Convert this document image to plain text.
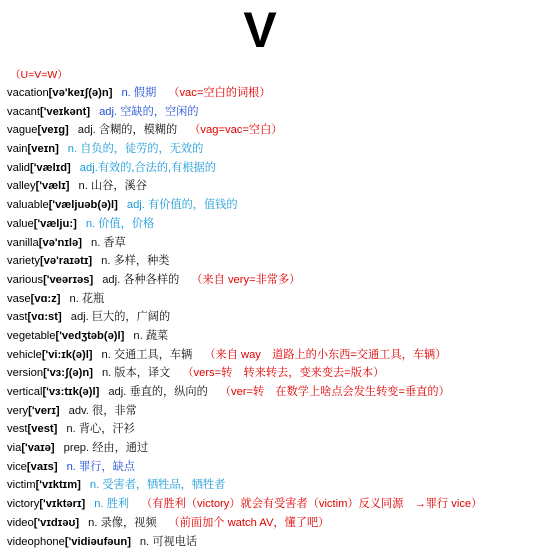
V
（U=V=W）
vacation[və'keɪʃ(ə)n] n. 假期 （vac=空白的词根）
vacant['veɪkənt] adj. 空缺的，空闲的
vague[veɪg] adj. 含糊的，模糊的 （vag=vac=空白）
vain[veɪn] n. 自负的，徒劳的，无效的
valid['vælɪd] adj.有效的,合法的,有根据的
valley['vælɪ] n. 山谷，溪谷
valuable['væljuəb(ə)l] adj. 有价值的，值钱的
value['vælju:] n. 价值，价格
vanilla[və'nɪlə] n. 香草
variety[və'raɪətɪ] n. 多样，种类
various['veərɪəs] adj. 各种各样的 （来自 very=非常多）
vase[vɑ:z] n. 花瓶
vast[vɑ:st] adj. 巨大的，广阔的
vegetable['vedʒtəb(ə)l] n. 蔬菜
vehicle['vi:ɪk(ə)l] n. 交通工具，车辆 （来自 way　道路上的小东西=交通工具，车辆）
version['vɜ:ʃ(ə)n] n. 版本，译文 （vers=转　转来转去，变来变去=版本）
vertical['vɜ:tɪk(ə)l] adj. 垂直的，纵向的 （ver=转　在数学上啥点会发生转变=垂直的）
very['verɪ] adv. 很，非常
vest[vest] n. 背心，汗衫
via['vaɪə] prep. 经由，通过
vice[vaɪs] n. 罪行，缺点
victim['vɪktɪm] n. 受害者，牺牲品，牺牲者
victory['vɪktərɪ] n. 胜利 （有胜利（victory）就会有受害者（victim）反义同源　→罪行 vice）
video['vɪdɪəʊ] n. 录像，视频 （前面加个 watch AV，懂了吧）
videophone['vidiəufəun] n. 可视电话
